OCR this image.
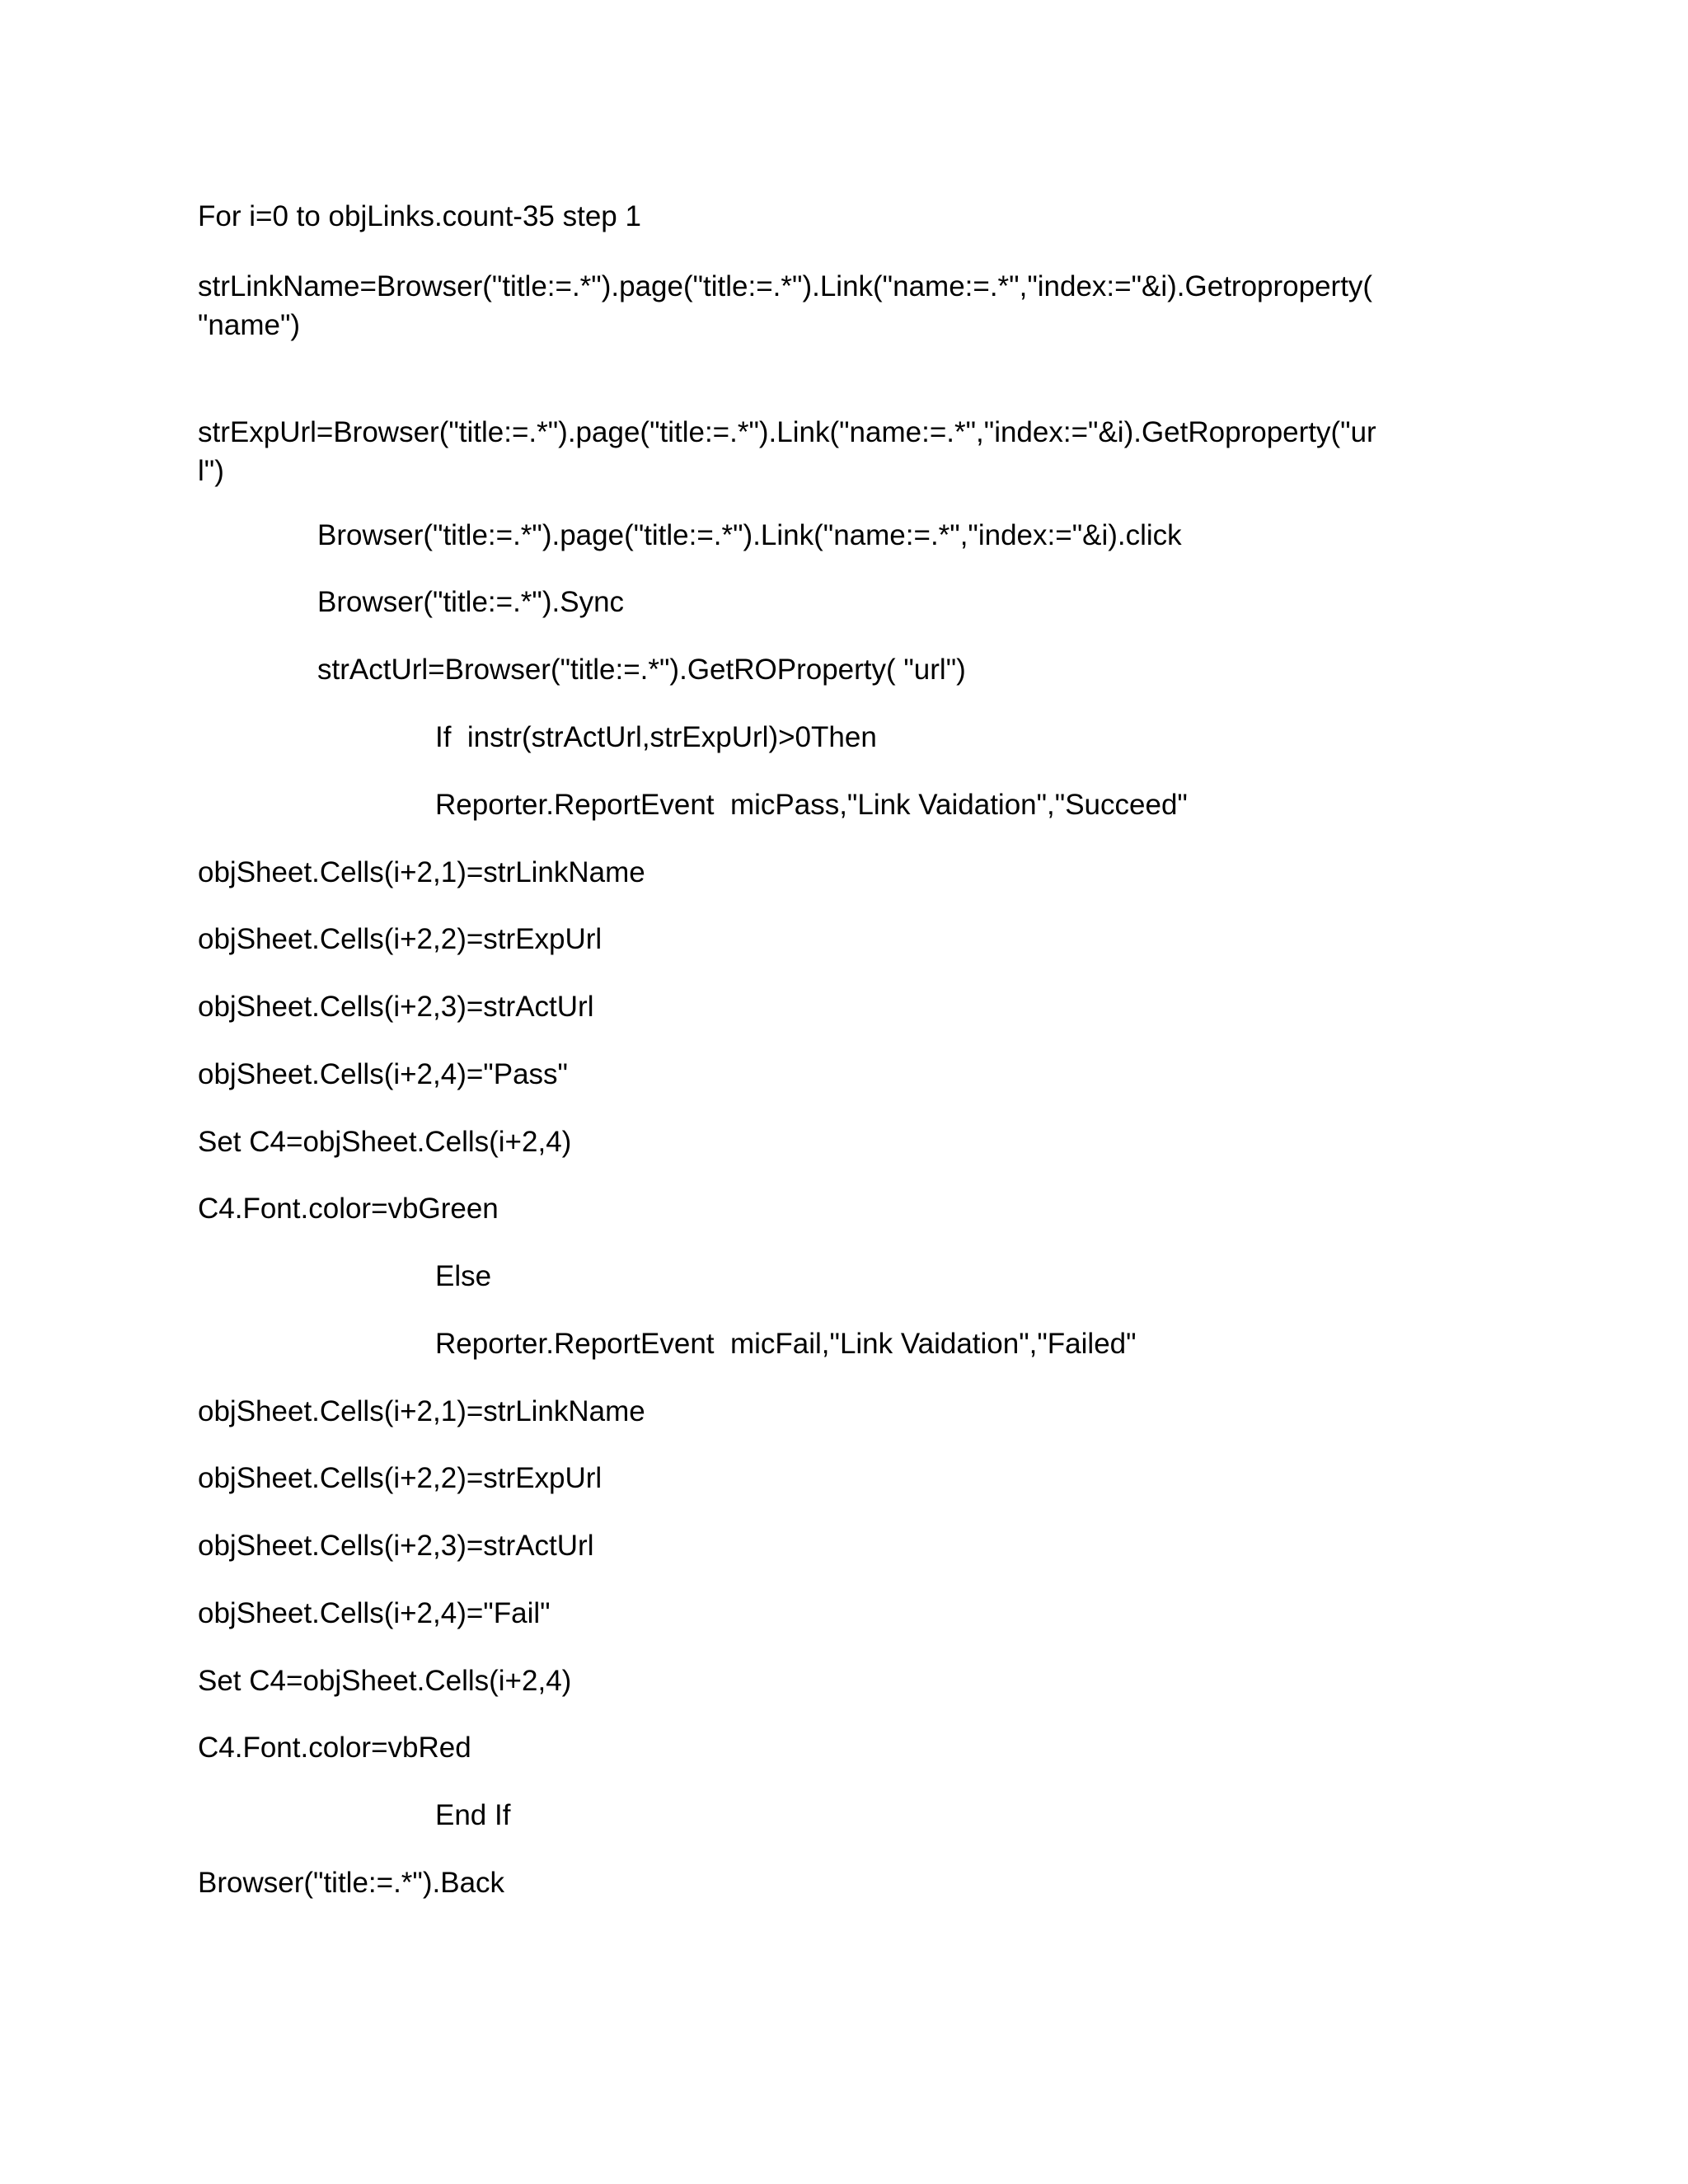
For i=0 to objLinks.count-35 step 1
strLinkName=Browser("title:=.*").page("title:=.*").Link("name:=.*","index:="&i).Getroproperty(
"name")
strExpUrl=Browser("title:=.*").page("title:=.*").Link("name:=.*","index:="&i).GetRoproperty("ur
l")
Browser("title:=.*").page("title:=.*").Link("name:=.*","index:="&i).click
Browser("title:=.*").Sync
strActUrl=Browser("title:=.*").GetROProperty( "url")
If  instr(strActUrl,strExpUrl)>0Then
Reporter.ReportEvent  micPass,"Link Vaidation","Succeed"
objSheet.Cells(i+2,1)=strLinkName
objSheet.Cells(i+2,2)=strExpUrl
objSheet.Cells(i+2,3)=strActUrl
objSheet.Cells(i+2,4)="Pass"
Set C4=objSheet.Cells(i+2,4)
C4.Font.color=vbGreen
Else
Reporter.ReportEvent  micFail,"Link Vaidation","Failed"
objSheet.Cells(i+2,1)=strLinkName
objSheet.Cells(i+2,2)=strExpUrl
objSheet.Cells(i+2,3)=strActUrl
objSheet.Cells(i+2,4)="Fail"
Set C4=objSheet.Cells(i+2,4)
C4.Font.color=vbRed
End If
Browser("title:=.*").Back
